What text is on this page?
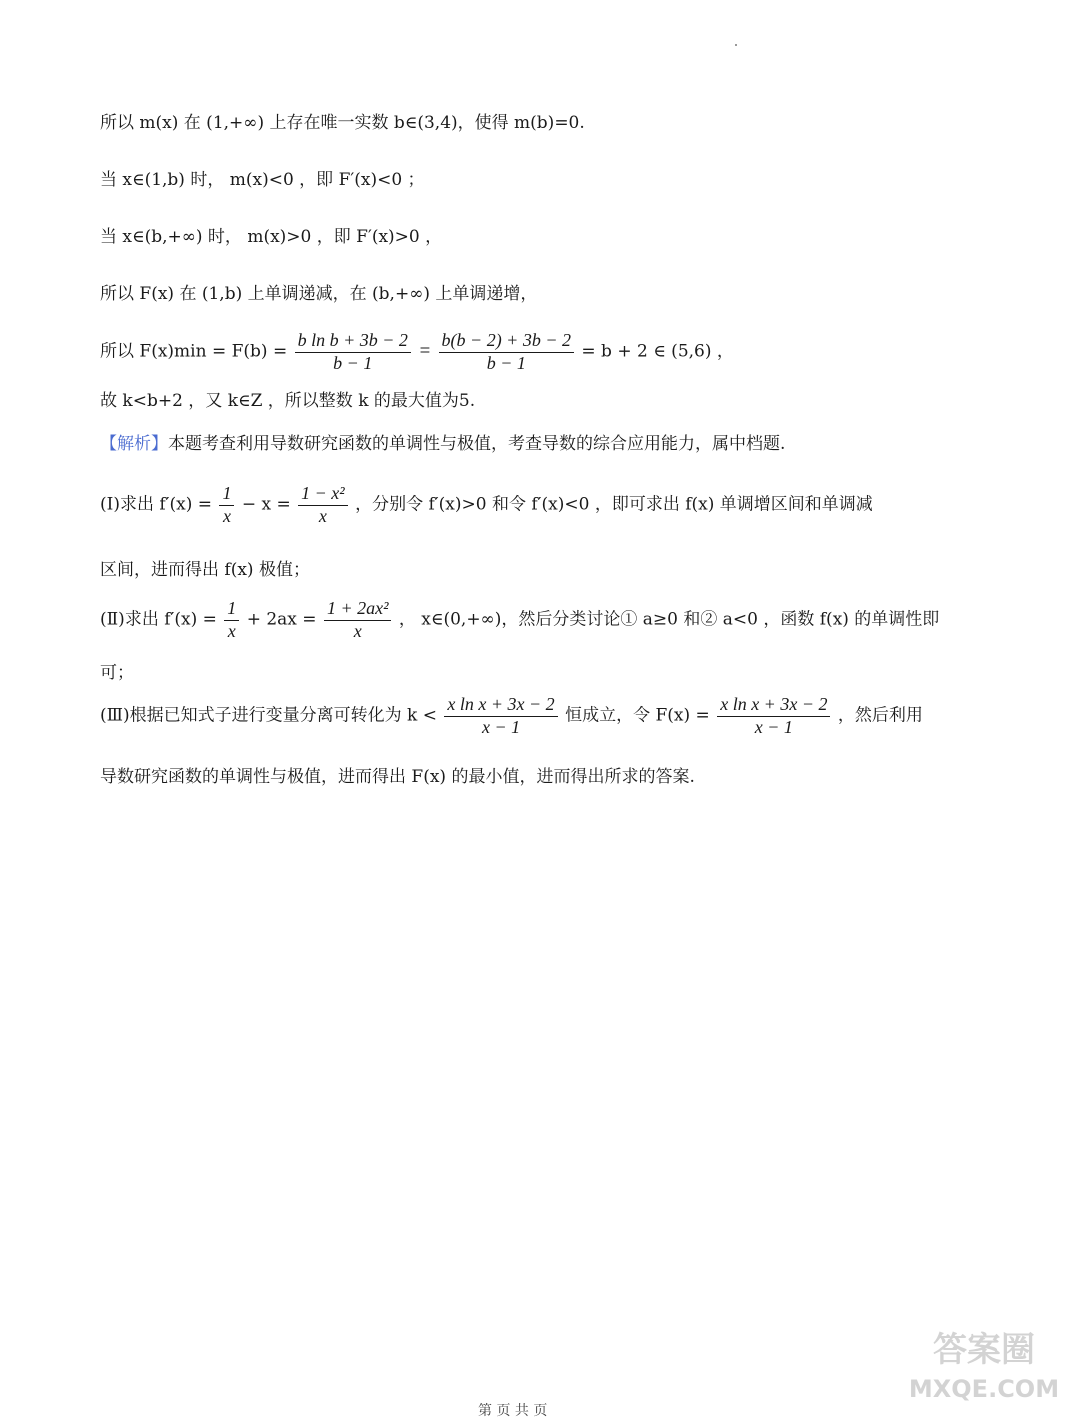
所以 m(x) 在 (1,+∞) 上存在唯一实数 b∈(3,4)，使得 m(b)=0.
当 x∈(1,b) 时， m(x)<0 ，即 F′(x)<0 ；
当 x∈(b,+∞) 时， m(x)>0 ，即 F′(x)>0 ，
所以 F(x) 在 (1,b) 上单调递减，在 (b,+∞) 上单调递增，
所以 $F(x)\min = F(b) = \frac{\text{b ln b + 3b − 2}}{b - 1} = \frac{b(b - 2) + 3b - 2}{b - 1} = b + 2$ ∈ (5,6) ，
故 k<b+2 ，又 k∈Z ，所以整数 k 的最大值为5.
【解析】本题考查利用导数研究函数的单调性与极值，考查导数的综合应用能力，属中档题.
(Ⅰ)求出 $f'(x) = \frac{1}{x} - x = \frac{\text{1 − x²}}{x}$ ，分别令 f′(x)>0 和令 f′(x)<0 ，即可求出 f(x) 单调增区间和单调减
区间，进而得出 f(x) 极值；
(Ⅱ)求出 $f'(x) = \frac{1}{x} + 2ax = \frac{\text{1 + 2ax²}}{x}$ ， x∈(0,+∞)，然后分类讨论① a≥0 和② a<0 ，函数 f(x) 的单调性即
可；
(Ⅲ)根据已知式子进行变量分离可转化为 $k < \frac{\text{x ln x + 3x − 2}}{x - 1}$ 恒成立，令 $F(x) = \frac{\text{x ln x + 3x − 2}}{x - 1}$ ，然后利用
导数研究函数的单调性与极值，进而得出 F(x) 的最小值，进而得出所求的答案.
答案圈
MXQE.COM
第 页 共 页
